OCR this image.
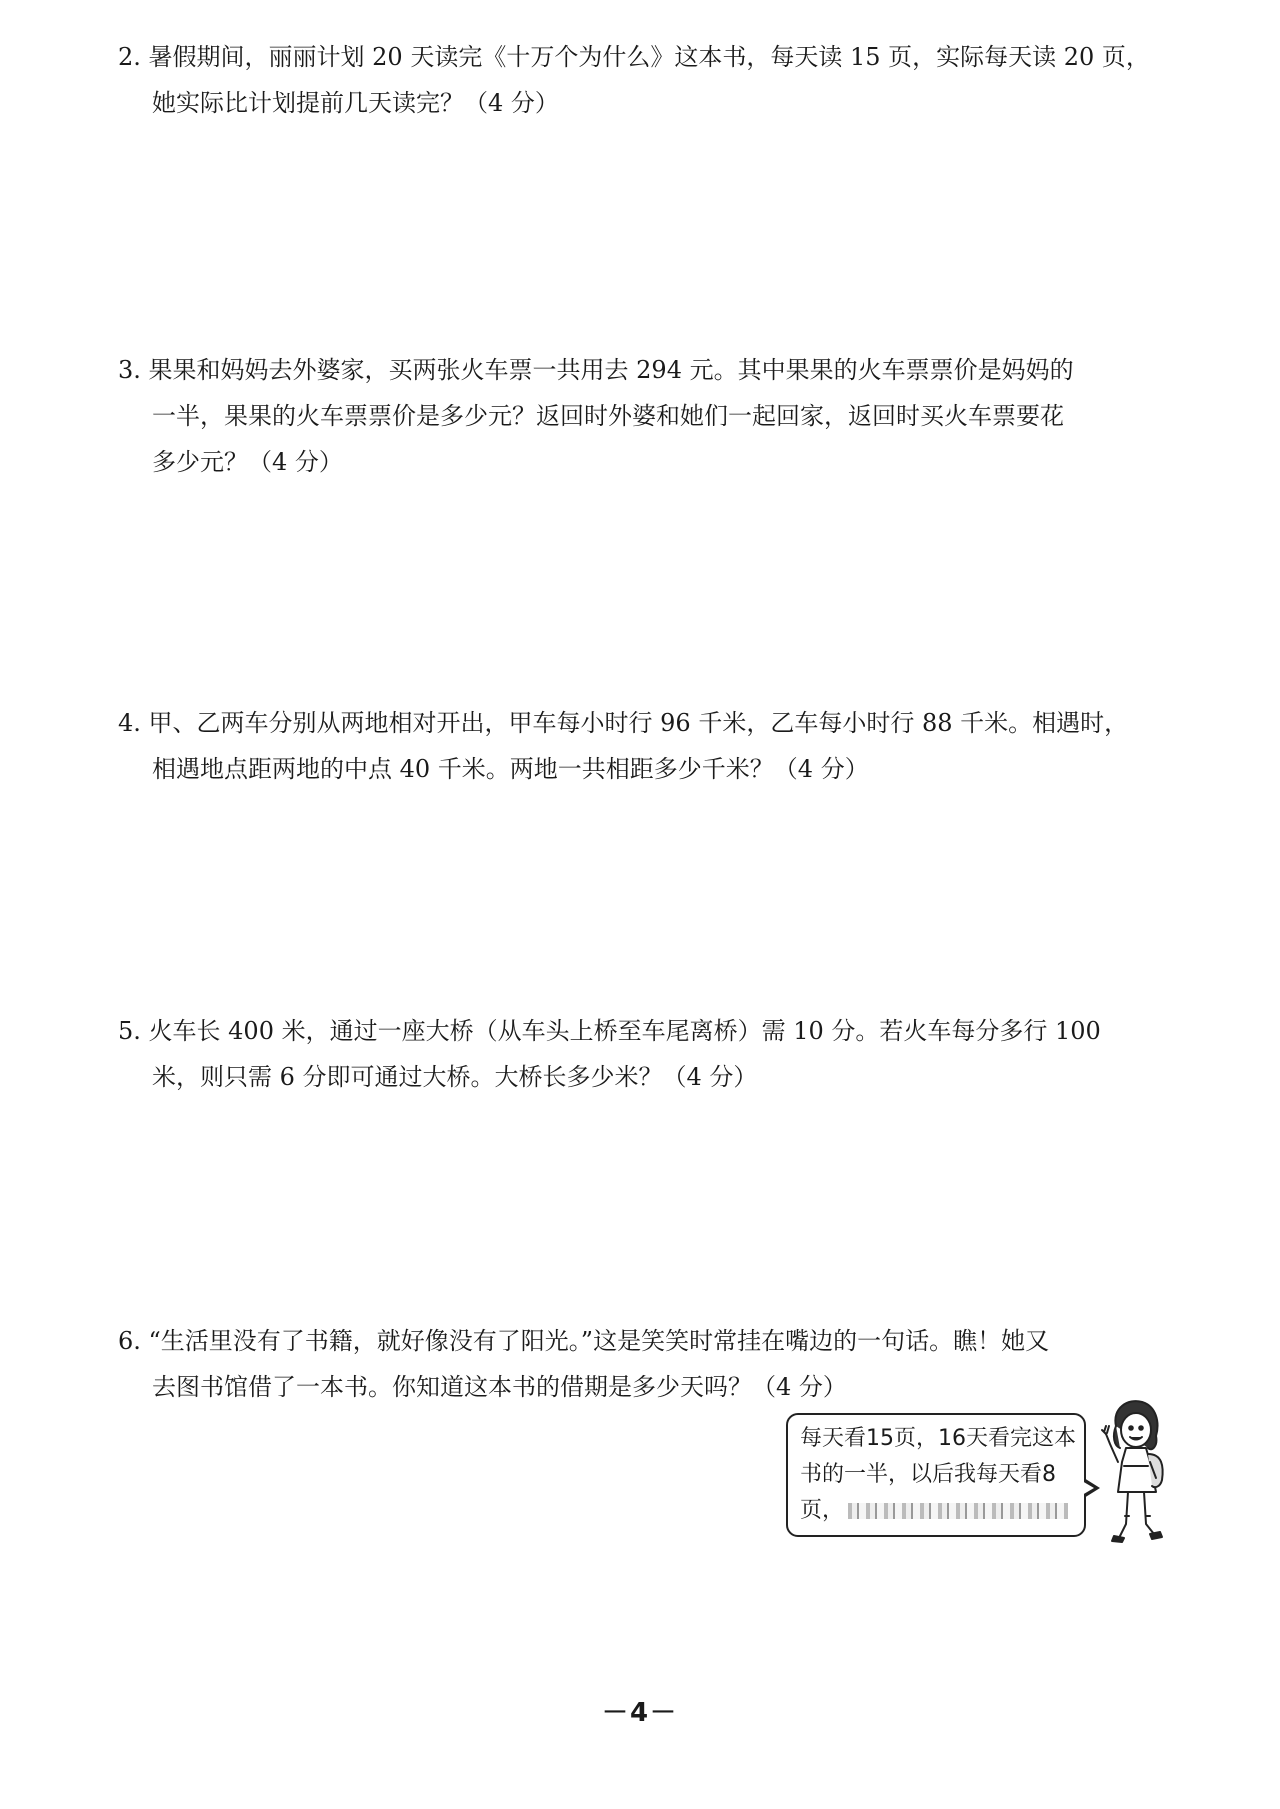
2. 暑假期间，丽丽计划 20 天读完《十万个为什么》这本书，每天读 15 页，实际每天读 20 页，
她实际比计划提前几天读完？（4 分）
3. 果果和妈妈去外婆家，买两张火车票一共用去 294 元。其中果果的火车票票价是妈妈的
一半，果果的火车票票价是多少元？返回时外婆和她们一起回家，返回时买火车票要花
多少元？（4 分）
4. 甲、乙两车分别从两地相对开出，甲车每小时行 96 千米，乙车每小时行 88 千米。相遇时，
相遇地点距两地的中点 40 千米。两地一共相距多少千米？（4 分）
5. 火车长 400 米，通过一座大桥（从车头上桥至车尾离桥）需 10 分。若火车每分多行 100
米，则只需 6 分即可通过大桥。大桥长多少米？（4 分）
6. “生活里没有了书籍，就好像没有了阳光。”这是笑笑时常挂在嘴边的一句话。瞧！她又
去图书馆借了一本书。你知道这本书的借期是多少天吗？（4 分）
每天看15页，16天看完这本
书的一半，以后我每天看8
页，
－4－
